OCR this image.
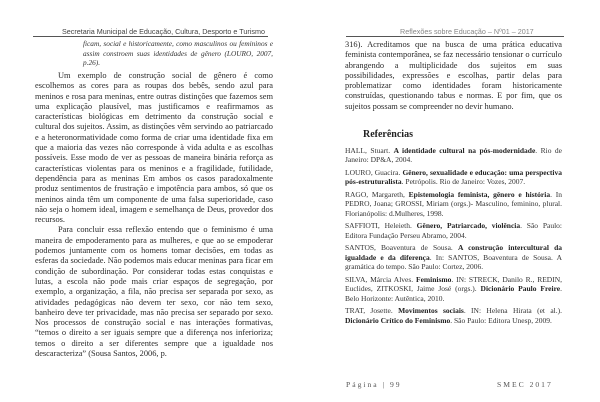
Secretaria Municipal de Educação, Cultura, Desporto e Turismo
ficam, social e historicamente, como masculinos ou femininos e assim constroem suas identidades de gênero (LOURO, 2007, p.26).

Um exemplo de construção social de gênero é como escolhemos as cores para as roupas dos bebês, sendo azul para meninos e rosa para meninas, entre outras distinções que fazemos sem uma explicação plausível, mas justificamos e reafirmamos as características biológicas em detrimento da construção social e cultural dos sujeitos. Assim, as distinções vêm servindo ao patriarcado e a heteronormatividade como forma de criar uma identidade fixa em que a maioria das vezes não corresponde à vida adulta e as escolhas possíveis. Esse modo de ver as pessoas de maneira binária reforça as características violentas para os meninos e a fragilidade, futilidade, dependência para as meninas Em ambos os casos paradoxalmente produz sentimentos de frustração e impotência para ambos, só que os meninos ainda têm um componente de uma falsa superioridade, caso não seja o homem ideal, imagem e semelhança de Deus, provedor dos recursos.

Para concluir essa reflexão entendo que o feminismo é uma maneira de empoderamento para as mulheres, e que ao se empoderar podemos juntamente com os homens tomar decisões, em todas as esferas da sociedade. Não podemos mais educar meninas para ficar em condição de subordinação. Por considerar todas estas conquistas e lutas, a escola não pode mais criar espaços de segregação, por exemplo, a organização, a fila, não precisa ser separada por sexo, as atividades pedagógicas não devem ter sexo, cor não tem sexo, banheiro deve ter privacidade, mas não precisa ser separado por sexo. Nos processos de construção social e nas interações formativas, “temos o direito a ser iguais sempre que a diferença nos inferioriza; temos o direito a ser diferentes sempre que a igualdade nos descaracteriza” (Sousa Santos, 2006, p.

Reflexões sobre Educação – Nº01 – 2017

316). Acreditamos que na busca de uma prática educativa feminista contemporânea, se faz necessário tensionar o currículo abrangendo a multiplicidade dos sujeitos em suas possibilidades, expressões e escolhas, partir delas para problematizar como identidades foram historicamente construídas, questionando tabus e normas. E por fim, que os sujeitos possam se compreender no devir humano.

Referências

HALL, Stuart. A identidade cultural na pós-modernidade. Rio de Janeiro: DP&A, 2004.

LOURO, Guacira. Gênero, sexualidade e educação: uma perspectiva pós-estruturalista. Petrópolis. Rio de Janeiro: Vozes, 2007.

RAGO, Margareth, Epistemologia feminista, gênero e história. In PEDRO, Joana; GROSSI, Miriam (orgs.)- Masculino, feminino, plural. Florianópolis: d.Mulheres, 1998.

SAFFIOTI, Heleieth. Gênero, Patriarcado, violência. São Paulo: Editora Fundação Perseu Abramo, 2004.

SANTOS, Boaventura de Sousa. A construção intercultural da igualdade e da diferença. In: SANTOS, Boaventura de Sousa. A gramática do tempo. São Paulo: Cortez, 2006.

SILVA, Márcia Alves. Feminismo. IN: STRECK, Danilo R., REDIN, Euclides, ZITKOSKI, Jaime José (orgs.). Dicionário Paulo Freire. Belo Horizonte: Autêntica, 2010.

TRAT, Josette. Movimentos sociais. IN: Helena Hirata (et al.). Dicionário Crítico do Feminismo. São Paulo: Editora Unesp, 2009.

Página | 99	SMEC 2017
